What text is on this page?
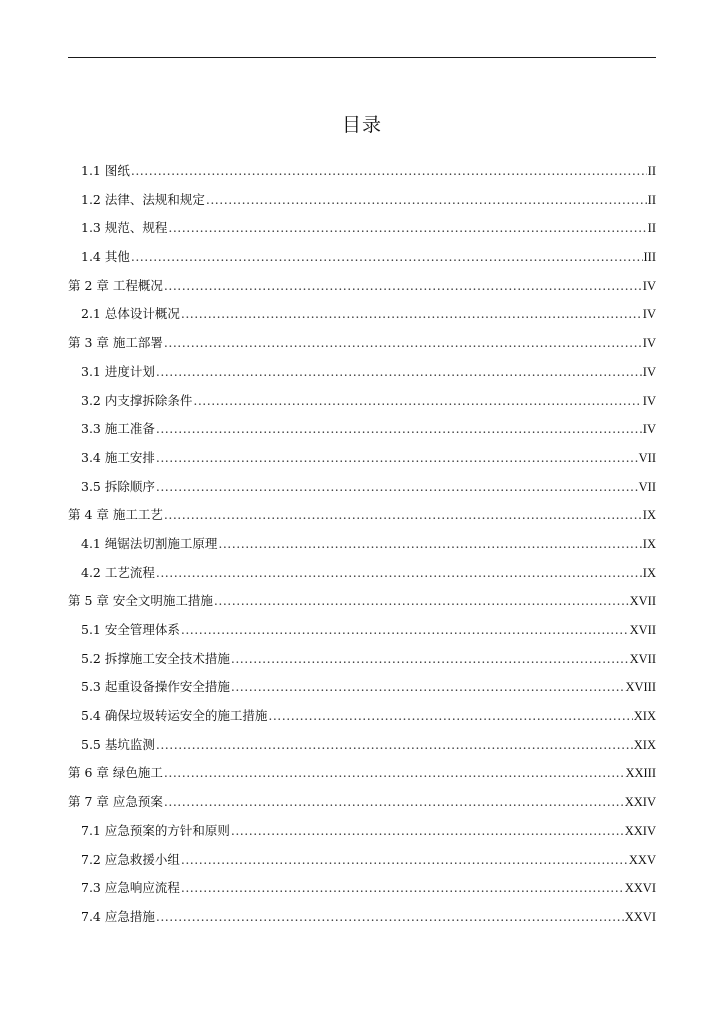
目录
1.1 图纸 .....	II
1.2 法律、法规和规定 .....	II
1.3 规范、规程 .....	II
1.4 其他 .....	III
第 2 章 工程概况 .....	IV
2.1 总体设计概况 .....	IV
第 3 章 施工部署 .....	IV
3.1 进度计划 .....	IV
3.2 内支撑拆除条件 .....	IV
3.3 施工准备 .....	IV
3.4 施工安排 .....	VII
3.5 拆除顺序 .....	VII
第 4 章 施工工艺 .....	IX
4.1 绳锯法切割施工原理 .....	IX
4.2 工艺流程 .....	IX
第 5 章 安全文明施工措施 .....	XVII
5.1 安全管理体系 .....	XVII
5.2 拆撑施工安全技术措施 .....	XVII
5.3 起重设备操作安全措施 .....	XVIII
5.4 确保垃圾转运安全的施工措施 .....	XIX
5.5 基坑监测 .....	XIX
第 6 章 绿色施工 .....	XXIII
第 7 章 应急预案 .....	XXIV
7.1 应急预案的方针和原则 .....	XXIV
7.2 应急救援小组 .....	XXV
7.3 应急响应流程 .....	XXVI
7.4 应急措施 .....	XXVI
